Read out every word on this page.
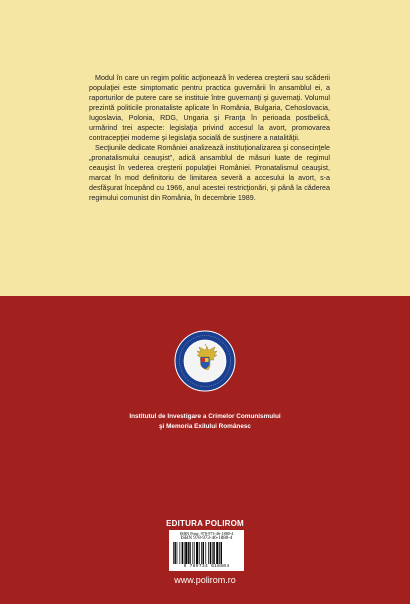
Modul în care un regim politic acţionează în vederea creşterii sau scăderii populaţiei este simptomatic pentru practica guvernării în ansamblul ei, a raporturilor de putere care se instituie între guvernanţi şi guvernaţi. Volumul prezintă politicile pronataliste aplicate în România, Bulgaria, Cehoslovacia, Iugoslavia, Polonia, RDG, Ungaria şi Franţa în perioada postbelică, urmărind trei aspecte: legislaţia privind accesul la avort, promovarea contracepţiei moderne şi legislaţia socială de susţinere a natalităţii.

Secţiunile dedicate României analizează instituţionalizarea şi consecinţele „pronatalismului ceauşist”, adică ansamblul de măsuri luate de regimul ceauşist în vederea creşterii populaţiei României. Pronatalismul ceauşist, marcat în mod definitoriu de limitarea severă a accesului la avort, s-a desfăşurat începând cu 1966, anul acestei restricţionări, şi până la căderea regimului comunist din România, în decembrie 1989.

Institutul de Investigare a Crimelor Comunismului
şi Memoria Exilului Românesc
EDITURA POLIROM
ISBN Print: 978-973-46-1880-4
ISBN 978-973-46-1880-4
9 789734 618804
www.polirom.ro
